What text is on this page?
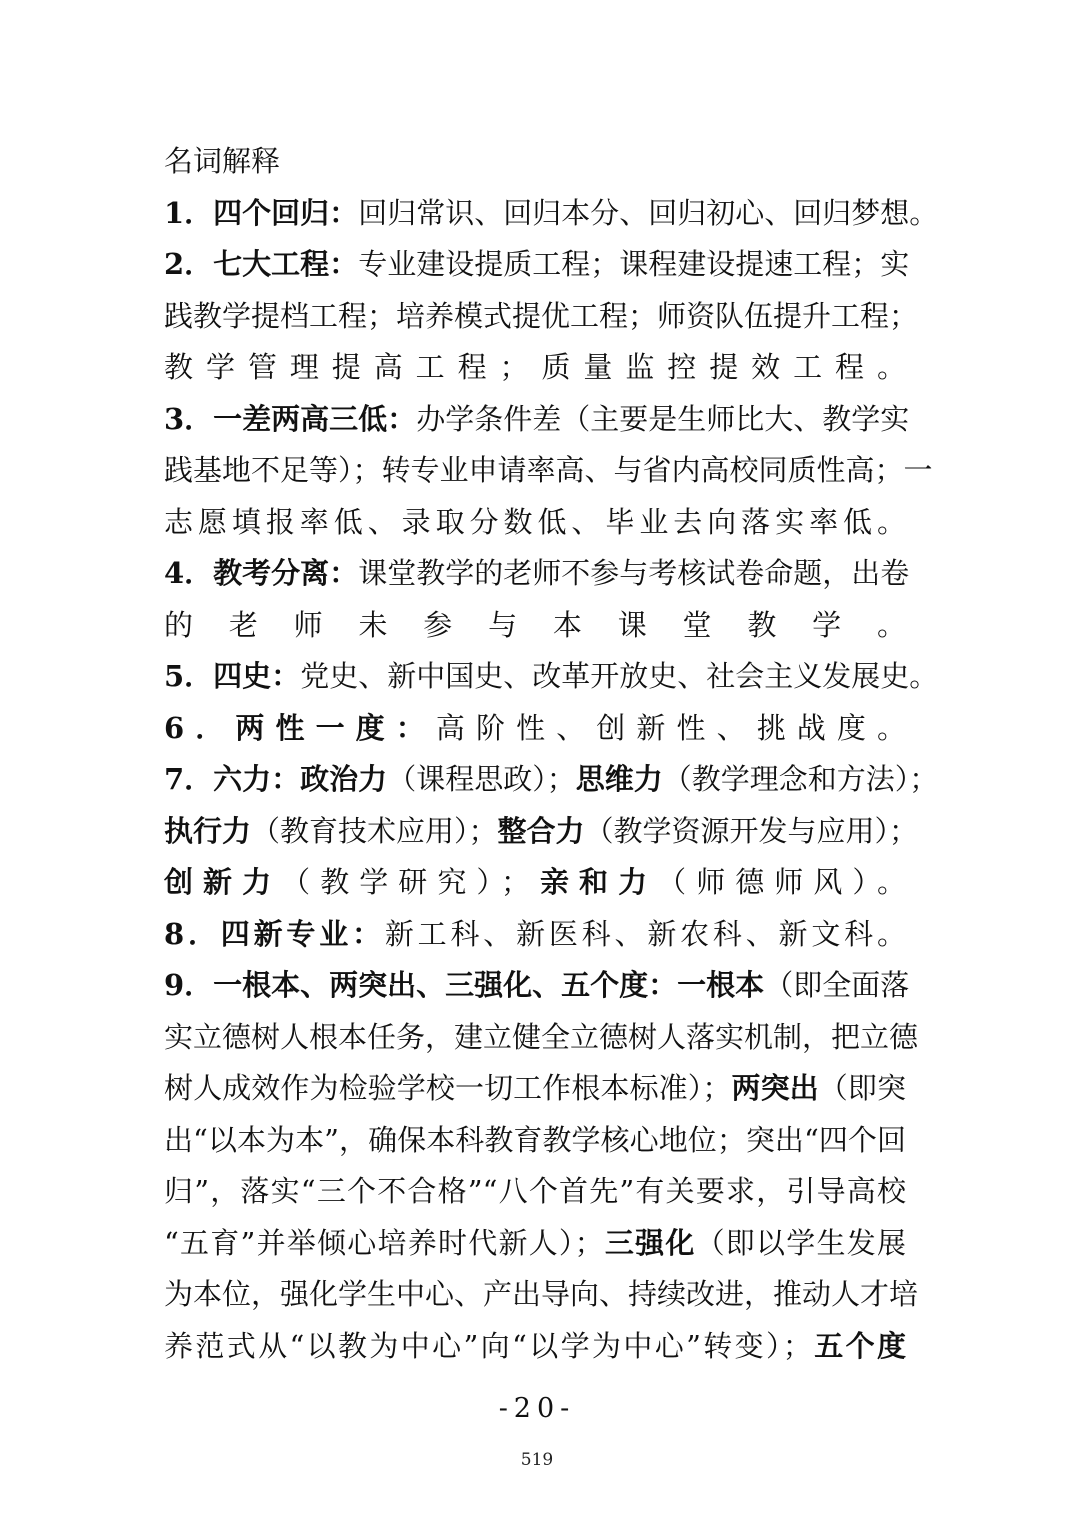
名词解释
1．四个回归：回归常识、回归本分、回归初心、回归梦想。
2．七大工程：专业建设提质工程；课程建设提速工程；实
践教学提档工程；培养模式提优工程；师资队伍提升工程；
教学管理提高工程；质量监控提效工程。
3．一差两高三低：办学条件差（主要是生师比大、教学实
践基地不足等）；转专业申请率高、与省内高校同质性高；一
志愿填报率低、录取分数低、毕业去向落实率低。
4．教考分离：课堂教学的老师不参与考核试卷命题，出卷
的老师未参与本课堂教学。
5．四史：党史、新中国史、改革开放史、社会主义发展史。
6．两性一度：高阶性、创新性、挑战度。
7．六力：政治力（课程思政）；思维力（教学理念和方法）；
执行力（教育技术应用）；整合力（教学资源开发与应用）；
创新力（教学研究）；亲和力（师德师风）。
8．四新专业：新工科、新医科、新农科、新文科。
9．一根本、两突出、三强化、五个度：一根本（即全面落
实立德树人根本任务，建立健全立德树人落实机制，把立德
树人成效作为检验学校一切工作根本标准）；两突出（即突
出“以本为本”，确保本科教育教学核心地位；突出“四个回
归”，落实“三个不合格”“八个首先”有关要求，引导高校
“五育”并举倾心培养时代新人）；三强化（即以学生发展
为本位，强化学生中心、产出导向、持续改进，推动人才培
养范式从“以教为中心”向“以学为中心”转变）；五个度
-20-
519
